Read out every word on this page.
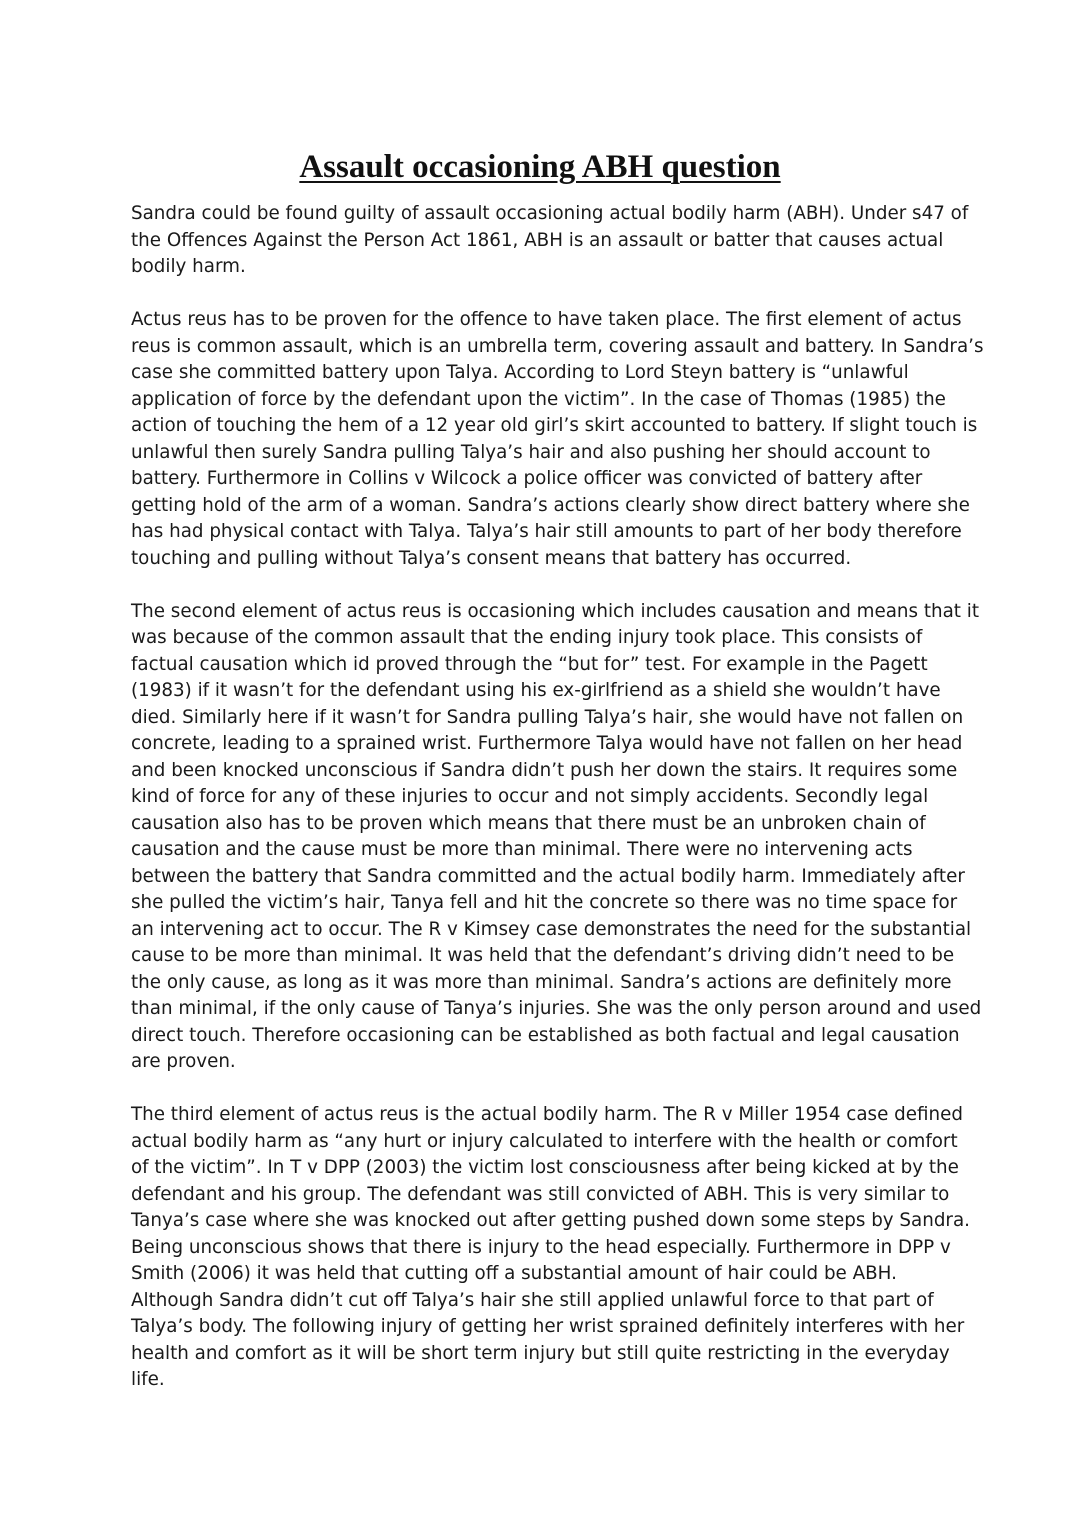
Assault occasioning ABH question

Sandra could be found guilty of assault occasioning actual bodily harm (ABH). Under s47 of
the Offences Against the Person Act 1861, ABH is an assault or batter that causes actual
bodily harm.

Actus reus has to be proven for the offence to have taken place. The first element of actus
reus is common assault, which is an umbrella term, covering assault and battery. In Sandra’s
case she committed battery upon Talya. According to Lord Steyn battery is “unlawful
application of force by the defendant upon the victim”. In the case of Thomas (1985) the
action of touching the hem of a 12 year old girl’s skirt accounted to battery. If slight touch is
unlawful then surely Sandra pulling Talya’s hair and also pushing her should account to
battery. Furthermore in Collins v Wilcock a police officer was convicted of battery after
getting hold of the arm of a woman. Sandra’s actions clearly show direct battery where she
has had physical contact with Talya. Talya’s hair still amounts to part of her body therefore
touching and pulling without Talya’s consent means that battery has occurred.

The second element of actus reus is occasioning which includes causation and means that it
was because of the common assault that the ending injury took place. This consists of
factual causation which id proved through the “but for” test. For example in the Pagett
(1983) if it wasn’t for the defendant using his ex-girlfriend as a shield she wouldn’t have
died. Similarly here if it wasn’t for Sandra pulling Talya’s hair, she would have not fallen on
concrete, leading to a sprained wrist. Furthermore Talya would have not fallen on her head
and been knocked unconscious if Sandra didn’t push her down the stairs. It requires some
kind of force for any of these injuries to occur and not simply accidents. Secondly legal
causation also has to be proven which means that there must be an unbroken chain of
causation and the cause must be more than minimal. There were no intervening acts
between the battery that Sandra committed and the actual bodily harm. Immediately after
she pulled the victim’s hair, Tanya fell and hit the concrete so there was no time space for
an intervening act to occur. The R v Kimsey case demonstrates the need for the substantial
cause to be more than minimal. It was held that the defendant’s driving didn’t need to be
the only cause, as long as it was more than minimal. Sandra’s actions are definitely more
than minimal, if the only cause of Tanya’s injuries. She was the only person around and used
direct touch. Therefore occasioning can be established as both factual and legal causation
are proven.

The third element of actus reus is the actual bodily harm. The R v Miller 1954 case defined
actual bodily harm as “any hurt or injury calculated to interfere with the health or comfort
of the victim”. In T v DPP (2003) the victim lost consciousness after being kicked at by the
defendant and his group. The defendant was still convicted of ABH. This is very similar to
Tanya’s case where she was knocked out after getting pushed down some steps by Sandra.
Being unconscious shows that there is injury to the head especially. Furthermore in DPP v
Smith (2006) it was held that cutting off a substantial amount of hair could be ABH.
Although Sandra didn’t cut off Talya’s hair she still applied unlawful force to that part of
Talya’s body. The following injury of getting her wrist sprained definitely interferes with her
health and comfort as it will be short term injury but still quite restricting in the everyday
life.
